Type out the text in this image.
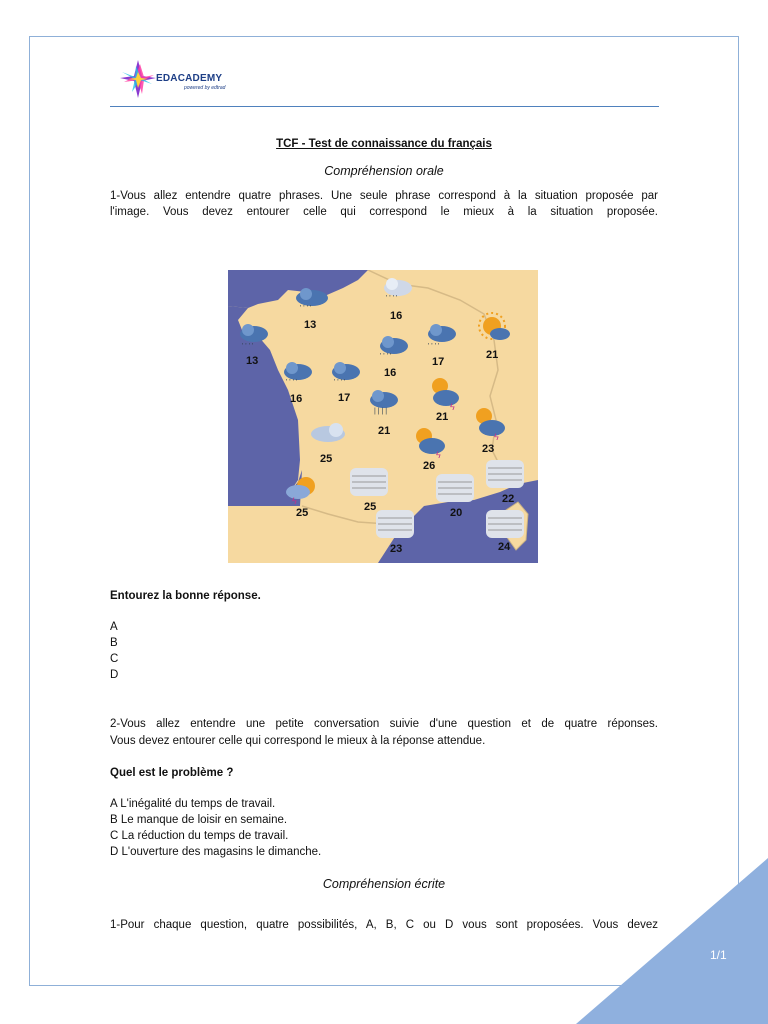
1/1
EDACADEMY
powered by edtrad
TCF - Test de connaissance du français
Compréhension orale
1-Vous allez entendre quatre phrases. Une seule phrase correspond à la situation proposée par
l'image. Vous devez entourer celle qui correspond le mieux à la situation proposée.
' ' ' '
13
' ' ' '
16
' ' ' '
13	' ' ' '
16
' ' ' '
17
' ' ' '
16
' ' ' '
17
21
| | | |
21
ϟ
21
25	ϟ
26
ϟ
23
ϟ
25	25	20
22
23	24
Entourez la bonne réponse.
A
B
C
D
2-Vous allez entendre une petite conversation suivie d'une question et de quatre réponses.
Vous devez entourer celle qui correspond le mieux à la réponse attendue.
Quel est le problème ?
A L'inégalité du temps de travail.
B Le manque de loisir en semaine.
C La réduction du temps de travail.
D L'ouverture des magasins le dimanche.
Compréhension écrite
1-Pour chaque question, quatre possibilités, A, B, C ou D vous sont proposées. Vous devez
